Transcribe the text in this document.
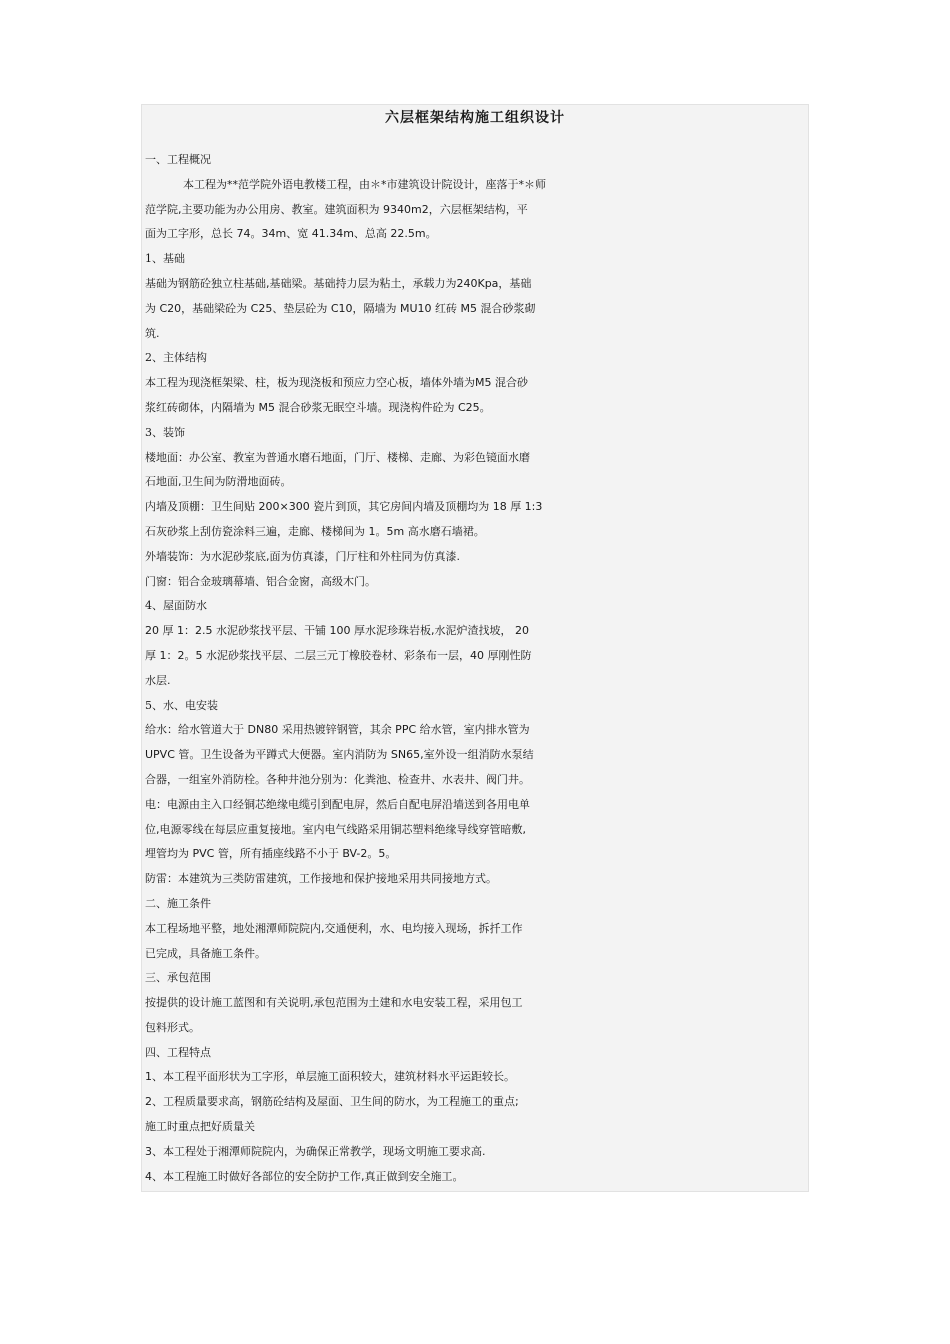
六层框架结构施工组织设计
一、工程概况
本工程为**范学院外语电教楼工程，由＊*市建筑设计院设计，座落于*＊师
范学院,主要功能为办公用房、教室。建筑面积为 9340m2，六层框架结构，平
面为工字形，总长 74。34m、宽 41.34m、总高 22.5m。
1、基础
基础为钢筋砼独立柱基础,基础梁。基础持力层为粘土，承载力为240Kpa，基础
为 C20，基础梁砼为 C25、垫层砼为 C10，隔墙为 MU10 红砖 M5 混合砂浆砌
筑.
2、主体结构
本工程为现浇框架梁、柱，板为现浇板和预应力空心板，墙体外墙为M5 混合砂
浆红砖砌体，内隔墙为 M5 混合砂浆无眠空斗墙。现浇构件砼为 C25。
3、装饰
楼地面：办公室、教室为普通水磨石地面，门厅、楼梯、走廊、为彩色镜面水磨
石地面,卫生间为防滑地面砖。
内墙及顶棚：卫生间贴 200×300 瓷片到顶，其它房间内墙及顶棚均为 18 厚 1:3
石灰砂浆上刮仿瓷涂料三遍，走廊、楼梯间为 1。5m 高水磨石墙裙。
外墙装饰：为水泥砂浆底,面为仿真漆，门厅柱和外柱同为仿真漆.
门窗：铝合金玻璃幕墙、铝合金窗，高级木门。
4、屋面防水
20 厚 1：2.5 水泥砂浆找平层、干铺 100 厚水泥珍珠岩板,水泥炉渣找坡， 20
厚 1：2。5 水泥砂浆找平层、二层三元丁橡胶卷材、彩条布一层，40 厚刚性防
水层.
5、水、电安装
给水：给水管道大于 DN80 采用热镀锌钢管，其余 PPC 给水管，室内排水管为
UPVC 管。卫生设备为平蹲式大便器。室内消防为 SN65,室外设一组消防水泵结
合器，一组室外消防栓。各种井池分别为：化粪池、检查井、水表井、阀门井。
电：电源由主入口经铜芯绝缘电缆引到配电屏，然后自配电屏沿墙送到各用电单
位,电源零线在每层应重复接地。室内电气线路采用铜芯塑料绝缘导线穿管暗敷,
埋管均为 PVC 管，所有插座线路不小于 BV-2。5。
防雷：本建筑为三类防雷建筑，工作接地和保护接地采用共同接地方式。
二、施工条件
本工程场地平整，地处湘潭师院院内,交通便利，水、电均接入现场，拆扦工作
已完成，具备施工条件。
三、承包范围
按提供的设计施工蓝图和有关说明,承包范围为土建和水电安装工程，采用包工
包料形式。
四、工程特点
1、本工程平面形状为工字形，单层施工面积较大，建筑材料水平运距较长。
2、工程质量要求高，钢筋砼结构及屋面、卫生间的防水，为工程施工的重点;
施工时重点把好质量关
3、本工程处于湘潭师院院内，为确保正常教学，现场文明施工要求高.
4、本工程施工时做好各部位的安全防护工作,真正做到安全施工。
